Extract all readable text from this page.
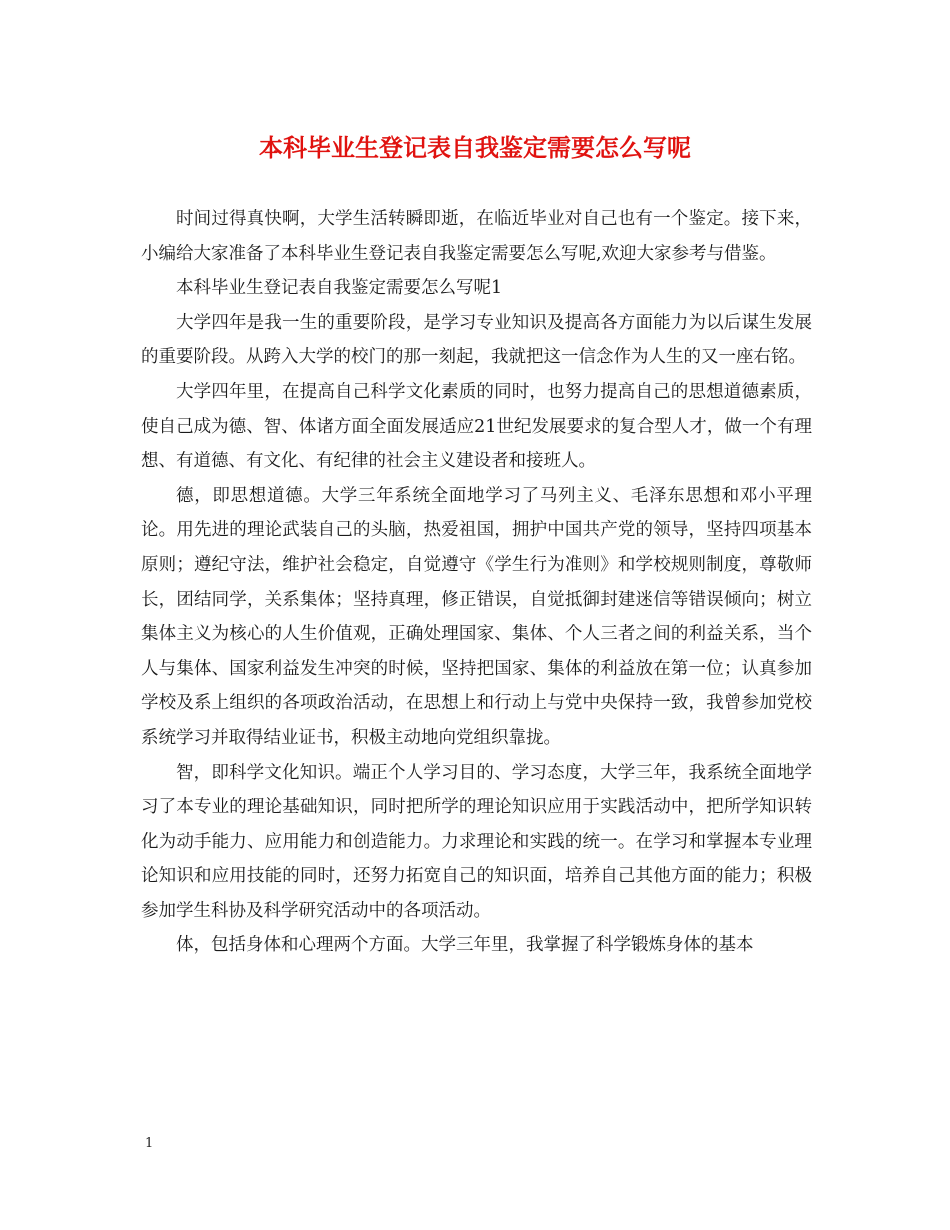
本科毕业生登记表自我鉴定需要怎么写呢

时间过得真快啊，大学生活转瞬即逝，在临近毕业对自己也有一个鉴定。接下来，小编给大家准备了本科毕业生登记表自我鉴定需要怎么写呢,欢迎大家参考与借鉴。

本科毕业生登记表自我鉴定需要怎么写呢1

大学四年是我一生的重要阶段，是学习专业知识及提高各方面能力为以后谋生发展的重要阶段。从跨入大学的校门的那一刻起，我就把这一信念作为人生的又一座右铭。

大学四年里，在提高自己科学文化素质的同时，也努力提高自己的思想道德素质，使自己成为德、智、体诸方面全面发展适应21世纪发展要求的复合型人才，做一个有理想、有道德、有文化、有纪律的社会主义建设者和接班人。

德，即思想道德。大学三年系统全面地学习了马列主义、毛泽东思想和邓小平理论。用先进的理论武装自己的头脑，热爱祖国，拥护中国共产党的领导，坚持四项基本原则；遵纪守法，维护社会稳定，自觉遵守《学生行为准则》和学校规则制度，尊敬师长，团结同学，关系集体；坚持真理，修正错误，自觉抵御封建迷信等错误倾向；树立集体主义为核心的人生价值观，正确处理国家、集体、个人三者之间的利益关系，当个人与集体、国家利益发生冲突的时候，坚持把国家、集体的利益放在第一位；认真参加学校及系上组织的各项政治活动，在思想上和行动上与党中央保持一致，我曾参加党校系统学习并取得结业证书，积极主动地向党组织靠拢。

智，即科学文化知识。端正个人学习目的、学习态度，大学三年，我系统全面地学习了本专业的理论基础知识，同时把所学的理论知识应用于实践活动中，把所学知识转化为动手能力、应用能力和创造能力。力求理论和实践的统一。在学习和掌握本专业理论知识和应用技能的同时，还努力拓宽自己的知识面，培养自己其他方面的能力；积极参加学生科协及科学研究活动中的各项活动。

体，包括身体和心理两个方面。大学三年里，我掌握了科学锻炼身体的基本

1
